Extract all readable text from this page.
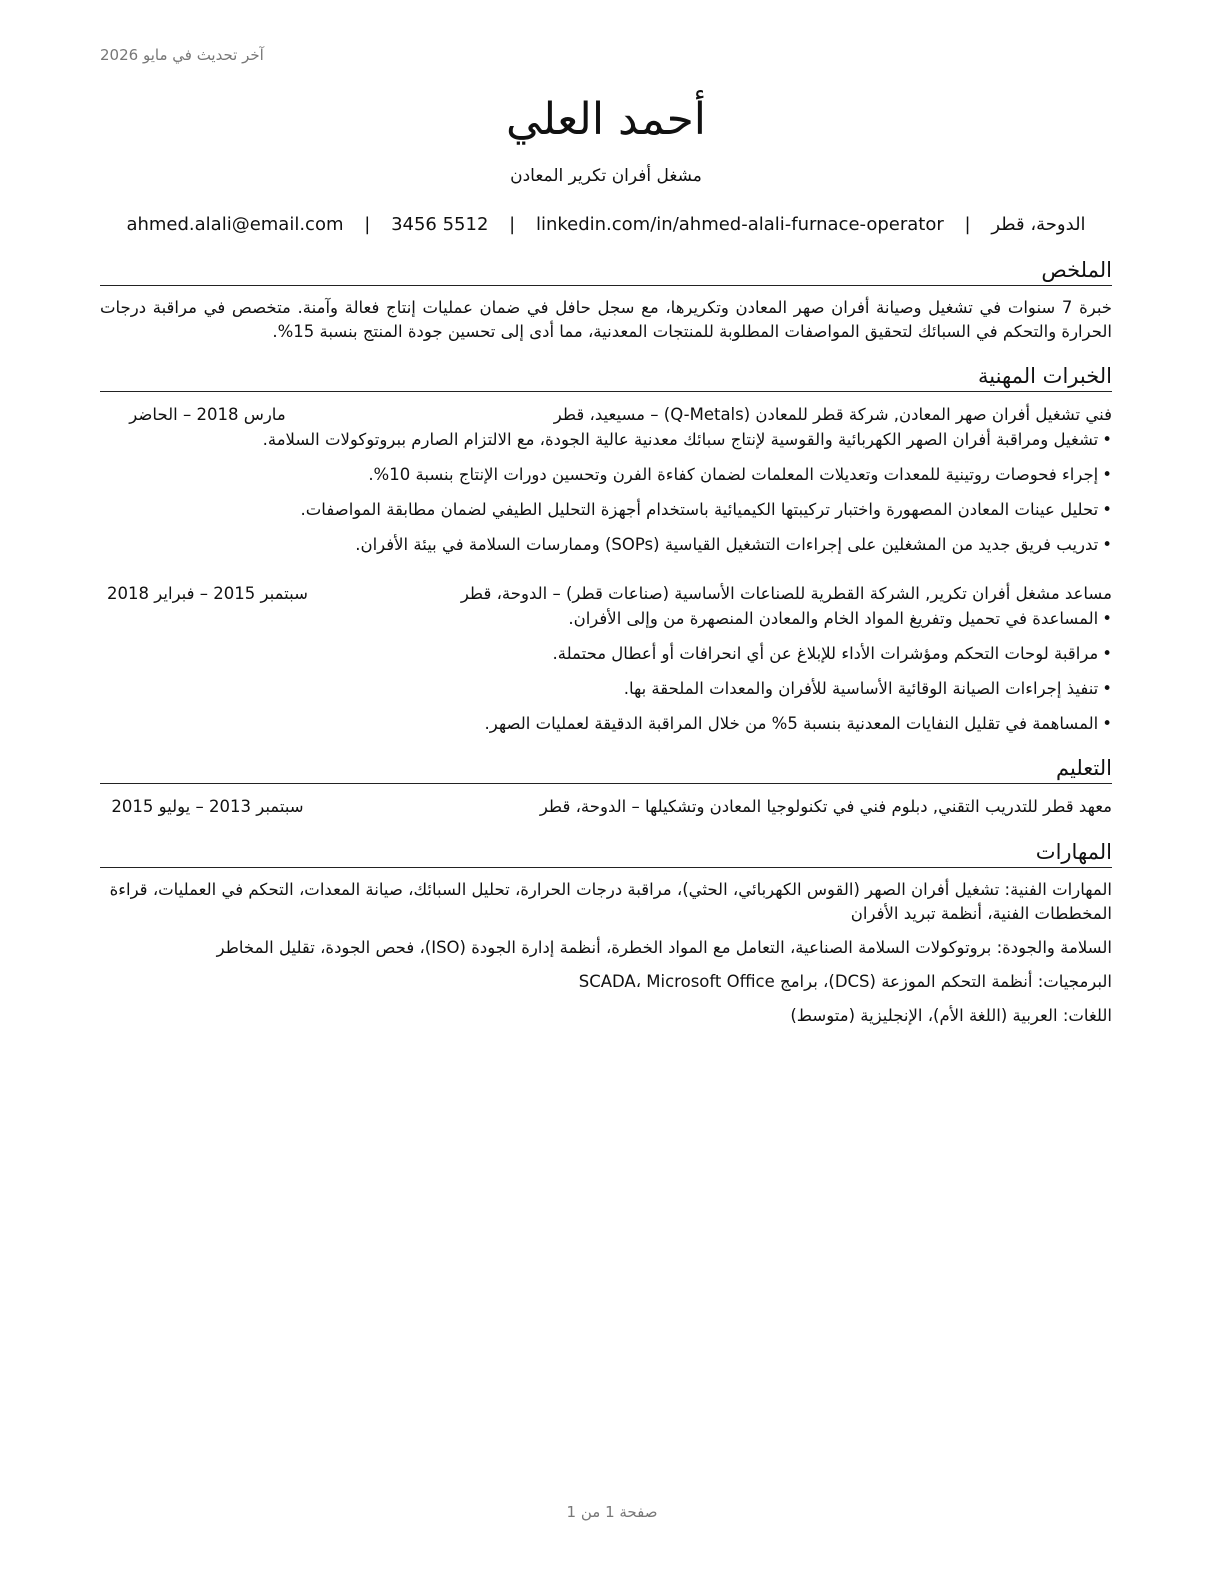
آخر تحديث في مايو 2026
أحمد العلي
مشغل أفران تكرير المعادن
الدوحة، قطر | ahmed.alali@email.com | 3456 5512 | linkedin.com/in/ahmed-alali-furnace-operator
الملخص
خبرة 7 سنوات في تشغيل وصيانة أفران صهر المعادن وتكريرها، مع سجل حافل في ضمان عمليات إنتاج فعالة وآمنة. متخصص في مراقبة درجات الحرارة والتحكم في السبائك لتحقيق المواصفات المطلوبة للمنتجات المعدنية، مما أدى إلى تحسين جودة المنتج بنسبة 15%.
الخبرات المهنية
فني تشغيل أفران صهر المعادن, شركة قطر للمعادن (Q-Metals) – مسيعيد، قطر
مارس 2018 – الحاضر
•تشغيل ومراقبة أفران الصهر الكهربائية والقوسية لإنتاج سبائك معدنية عالية الجودة، مع الالتزام الصارم ببروتوكولات السلامة.
•إجراء فحوصات روتينية للمعدات وتعديلات المعلمات لضمان كفاءة الفرن وتحسين دورات الإنتاج بنسبة 10%.
•تحليل عينات المعادن المصهورة واختبار تركيبتها الكيميائية باستخدام أجهزة التحليل الطيفي لضمان مطابقة المواصفات.
•تدريب فريق جديد من المشغلين على إجراءات التشغيل القياسية (SOPs) وممارسات السلامة في بيئة الأفران.
مساعد مشغل أفران تكرير, الشركة القطرية للصناعات الأساسية (صناعات قطر) – الدوحة، قطر
سبتمبر 2015 – فبراير 2018
•المساعدة في تحميل وتفريغ المواد الخام والمعادن المنصهرة من وإلى الأفران.
•مراقبة لوحات التحكم ومؤشرات الأداء للإبلاغ عن أي انحرافات أو أعطال محتملة.
•تنفيذ إجراءات الصيانة الوقائية الأساسية للأفران والمعدات الملحقة بها.
•المساهمة في تقليل النفايات المعدنية بنسبة 5% من خلال المراقبة الدقيقة لعمليات الصهر.
التعليم
معهد قطر للتدريب التقني, دبلوم فني في تكنولوجيا المعادن وتشكيلها – الدوحة، قطر
سبتمبر 2013 – يوليو 2015
المهارات
المهارات الفنية: تشغيل أفران الصهر (القوس الكهربائي، الحثي)، مراقبة درجات الحرارة، تحليل السبائك، صيانة المعدات، التحكم في العمليات، قراءة المخططات الفنية، أنظمة تبريد الأفران
السلامة والجودة: بروتوكولات السلامة الصناعية، التعامل مع المواد الخطرة، أنظمة إدارة الجودة (ISO)، فحص الجودة، تقليل المخاطر
البرمجيات: أنظمة التحكم الموزعة (DCS)، برامج SCADA، Microsoft Office
اللغات: العربية (اللغة الأم)، الإنجليزية (متوسط)
صفحة 1 من 1
